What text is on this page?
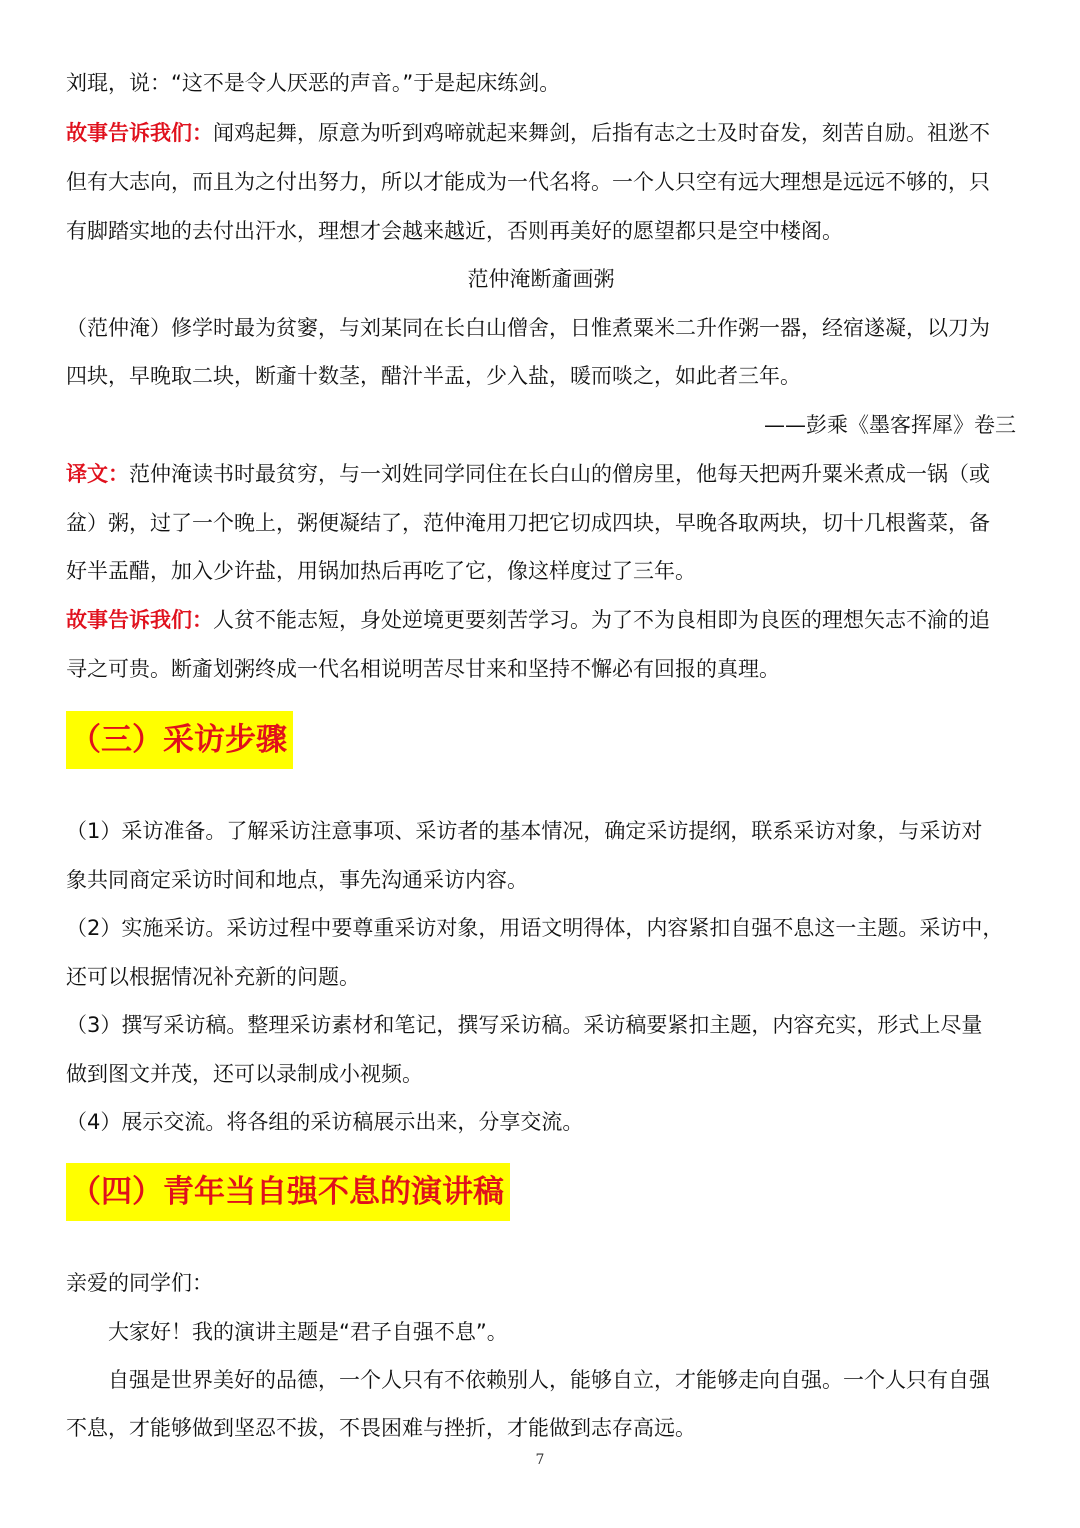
刘琨，说：“这不是令人厌恶的声音。”于是起床练剑。
故事告诉我们：闻鸡起舞，原意为听到鸡啼就起来舞剑，后指有志之士及时奋发，刻苦自励。祖逖不
但有大志向，而且为之付出努力，所以才能成为一代名将。一个人只空有远大理想是远远不够的，只
有脚踏实地的去付出汗水，理想才会越来越近，否则再美好的愿望都只是空中楼阁。
范仲淹断齑画粥
（范仲淹）修学时最为贫窭，与刘某同在长白山僧舍，日惟煮粟米二升作粥一器，经宿遂凝，以刀为
四块，早晚取二块，断齑十数茎，醋汁半盂，少入盐，暖而啖之，如此者三年。
——彭乘《墨客挥犀》卷三
译文：范仲淹读书时最贫穷，与一刘姓同学同住在长白山的僧房里，他每天把两升粟米煮成一锅（或
盆）粥，过了一个晚上，粥便凝结了，范仲淹用刀把它切成四块，早晚各取两块，切十几根酱菜，备
好半盂醋，加入少许盐，用锅加热后再吃了它，像这样度过了三年。
故事告诉我们：人贫不能志短，身处逆境更要刻苦学习。为了不为良相即为良医的理想矢志不渝的追
寻之可贵。断齑划粥终成一代名相说明苦尽甘来和坚持不懈必有回报的真理。
（三）采访步骤
（1）采访准备。了解采访注意事项、采访者的基本情况，确定采访提纲，联系采访对象，与采访对
象共同商定采访时间和地点，事先沟通采访内容。
（2）实施采访。采访过程中要尊重采访对象，用语文明得体，内容紧扣自强不息这一主题。采访中，
还可以根据情况补充新的问题。
（3）撰写采访稿。整理采访素材和笔记，撰写采访稿。采访稿要紧扣主题，内容充实，形式上尽量
做到图文并茂，还可以录制成小视频。
（4）展示交流。将各组的采访稿展示出来，分享交流。
（四）青年当自强不息的演讲稿
亲爱的同学们：
大家好！我的演讲主题是“君子自强不息”。
自强是世界美好的品德，一个人只有不依赖别人，能够自立，才能够走向自强。一个人只有自强
不息，才能够做到坚忍不拔，不畏困难与挫折，才能做到志存高远。
7
